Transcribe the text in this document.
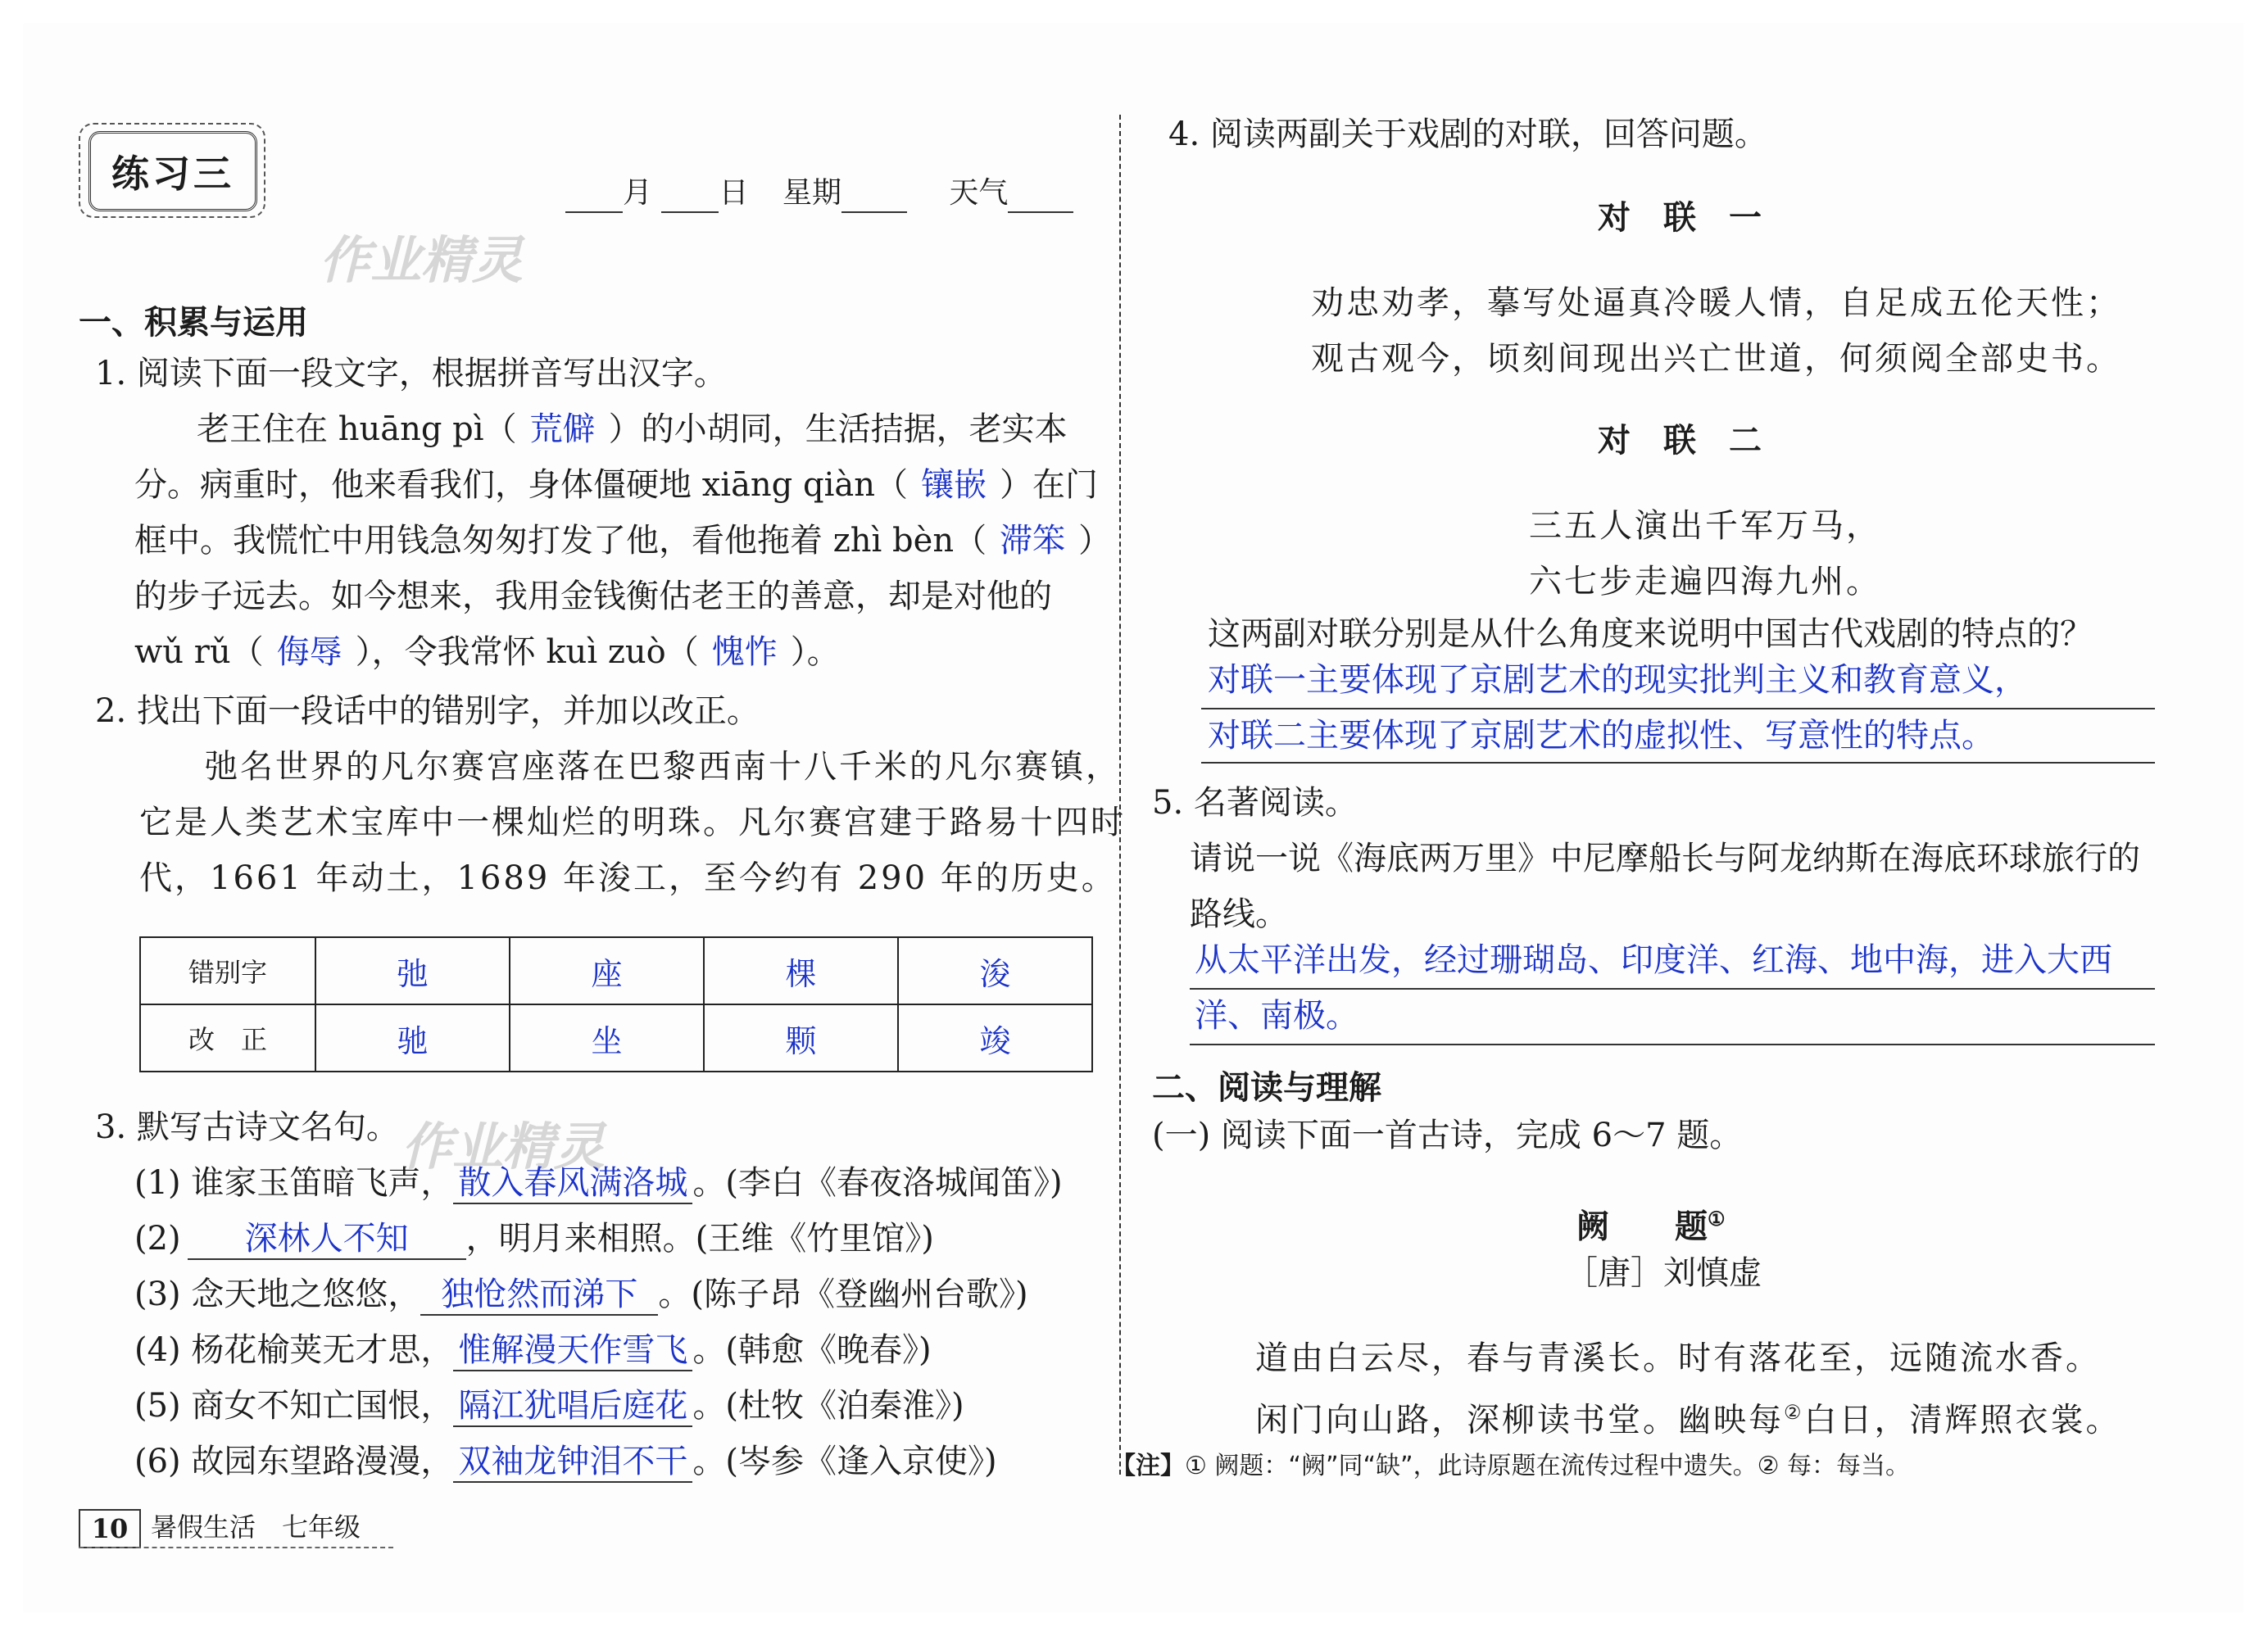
练习三	月 日 星期	天气
作业精灵
作业精灵
一、积累与运用
1. 阅读下面一段文字，根据拼音写出汉字。
老王住在 huāng pì（ 荒僻 ）的小胡同，生活拮据，老实本
分。病重时，他来看我们，身体僵硬地 xiāng qiàn（ 镶嵌 ）在门
框中。我慌忙中用钱急匆匆打发了他，看他拖着 zhì bèn（ 滞笨 ）
的步子远去。如今想来，我用金钱衡估老王的善意，却是对他的
wǔ rǔ（ 侮辱 ），令我常怀 kuì zuò（ 愧怍 ）。
2. 找出下面一段话中的错别字，并加以改正。
弛名世界的凡尔赛宫座落在巴黎西南十八千米的凡尔赛镇，
它是人类艺术宝库中一棵灿烂的明珠。凡尔赛宫建于路易十四时
代，1661 年动土，1689 年浚工，至今约有 290 年的历史。
错别字	弛	座	棵	浚
改　正	驰	坐	颗	竣
3. 默写古诗文名句。
(1) 谁家玉笛暗飞声， 散入春风满洛城 。(李白《春夜洛城闻笛》)
(2) 深林人不知 ，明月来相照。(王维《竹里馆》)
(3) 念天地之悠悠， 独怆然而涕下 。(陈子昂《登幽州台歌》)
(4) 杨花榆荚无才思， 惟解漫天作雪飞 。(韩愈《晚春》)
(5) 商女不知亡国恨， 隔江犹唱后庭花 。(杜牧《泊秦淮》)
(6) 故园东望路漫漫， 双袖龙钟泪不干 。(岑参《逢入京使》)
4. 阅读两副关于戏剧的对联，回答问题。
对　联　一
劝忠劝孝，摹写处逼真冷暖人情，自足成五伦天性；
观古观今，顷刻间现出兴亡世道，何须阅全部史书。
对　联　二
三五人演出千军万马，
六七步走遍四海九州。
这两副对联分别是从什么角度来说明中国古代戏剧的特点的？
对联一主要体现了京剧艺术的现实批判主义和教育意义，
对联二主要体现了京剧艺术的虚拟性、写意性的特点。
5. 名著阅读。
请说一说《海底两万里》中尼摩船长与阿龙纳斯在海底环球旅行的
路线。
从太平洋出发，经过珊瑚岛、印度洋、红海、地中海，进入大西
洋、南极。
二、阅读与理解
(一) 阅读下面一首古诗，完成 6～7 题。
阙　　题①
［唐］刘慎虚
道由白云尽，春与青溪长。时有落花至，远随流水香。
闲门向山路，深柳读书堂。幽映每②白日，清辉照衣裳。
【注】① 阙题：“阙”同“缺”，此诗原题在流传过程中遗失。② 每：每当。
10 暑假生活　七年级
